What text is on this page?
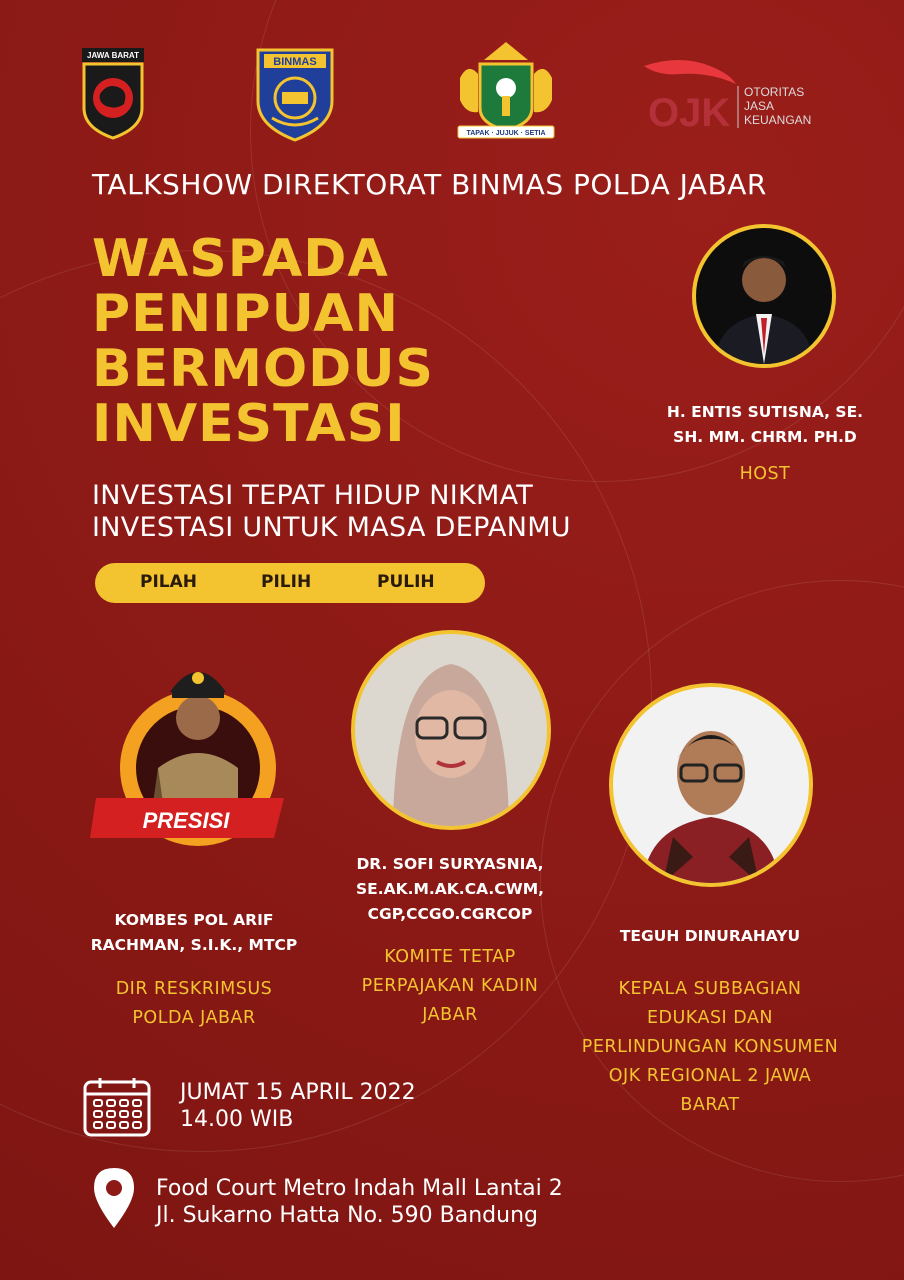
JAWA BARAT
BINMAS
TAPAK · JUJUK · SETIA	OJK OTORITAS
JASA
KEUANGAN
TALKSHOW DIREKTORAT BINMAS POLDA JABAR
WASPADA
PENIPUAN
BERMODUS
INVESTASI
INVESTASI TEPAT HIDUP NIKMAT
INVESTASI UNTUK MASA DEPANMU
PILAH	PILIH	PULIH
H. ENTIS SUTISNA, SE.
SH. MM. CHRM. PH.D
HOST
PRESISI
KOMBES POL ARIF
RACHMAN, S.I.K., MTCP
DIR RESKRIMSUS
POLDA JABAR
DR. SOFI SURYASNIA,
SE.AK.M.AK.CA.CWM,
CGP,CCGO.CGRCOP
KOMITE TETAP
PERPAJAKAN KADIN
JABAR
TEGUH DINURAHAYU
KEPALA SUBBAGIAN
EDUKASI DAN
PERLINDUNGAN KONSUMEN
OJK REGIONAL 2 JAWA
BARAT
JUMAT 15 APRIL 2022
14.00 WIB
Food Court Metro Indah Mall Lantai 2
Jl. Sukarno Hatta No. 590 Bandung
